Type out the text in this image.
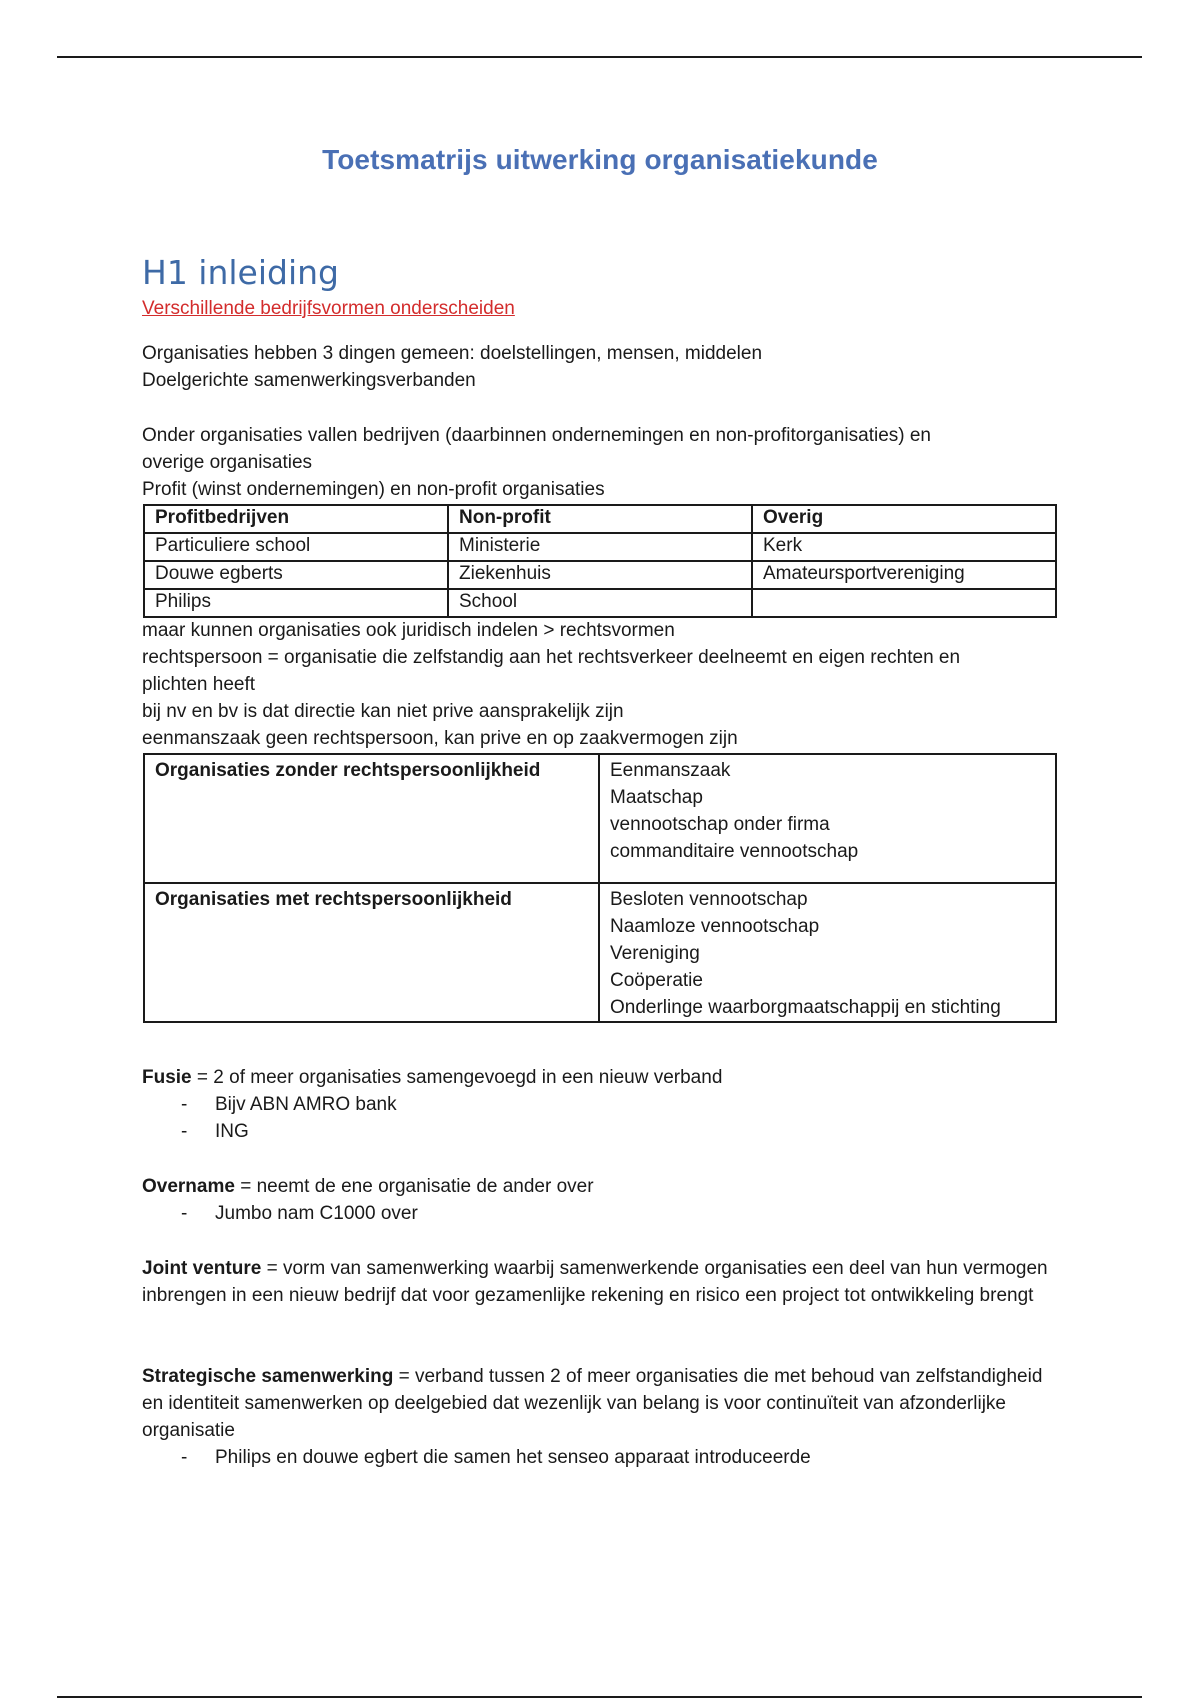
Toetsmatrijs uitwerking organisatiekunde
H1 inleiding
Verschillende bedrijfsvormen onderscheiden
Organisaties hebben 3 dingen gemeen: doelstellingen, mensen, middelen
Doelgerichte samenwerkingsverbanden
Onder organisaties vallen bedrijven (daarbinnen ondernemingen en non-profitorganisaties) en
overige organisaties
Profit (winst ondernemingen) en non-profit organisaties
Profitbedrijven	Non-profit	Overig
Particuliere school	Ministerie	Kerk
Douwe egberts	Ziekenhuis	Amateursportvereniging
Philips	School	
maar kunnen organisaties ook juridisch indelen > rechtsvormen
rechtspersoon = organisatie die zelfstandig aan het rechtsverkeer deelneemt en eigen rechten en
plichten heeft
bij nv en bv is dat directie kan niet prive aansprakelijk zijn
eenmanszaak geen rechtspersoon, kan prive en op zaakvermogen zijn
Organisaties zonder rechtspersoonlijkheid	Eenmanszaak
Maatschap
vennootschap onder firma
commanditaire vennootschap

Organisaties met rechtspersoonlijkheid	Besloten vennootschap
Naamloze vennootschap
Vereniging
Coöperatie
Onderlinge waarborgmaatschappij en stichting
Fusie = 2 of meer organisaties samengevoegd in een nieuw verband
- Bijv ABN AMRO bank
- ING
Overname = neemt de ene organisatie de ander over
- Jumbo nam C1000 over
Joint venture = vorm van samenwerking waarbij samenwerkende organisaties een deel van hun vermogen inbrengen in een nieuw bedrijf dat voor gezamenlijke rekening en risico een project tot ontwikkeling brengt
Strategische samenwerking = verband tussen 2 of meer organisaties die met behoud van zelfstandigheid en identiteit samenwerken op deelgebied dat wezenlijk van belang is voor continuïteit van afzonderlijke organisatie
- Philips en douwe egbert die samen het senseo apparaat introduceerde
